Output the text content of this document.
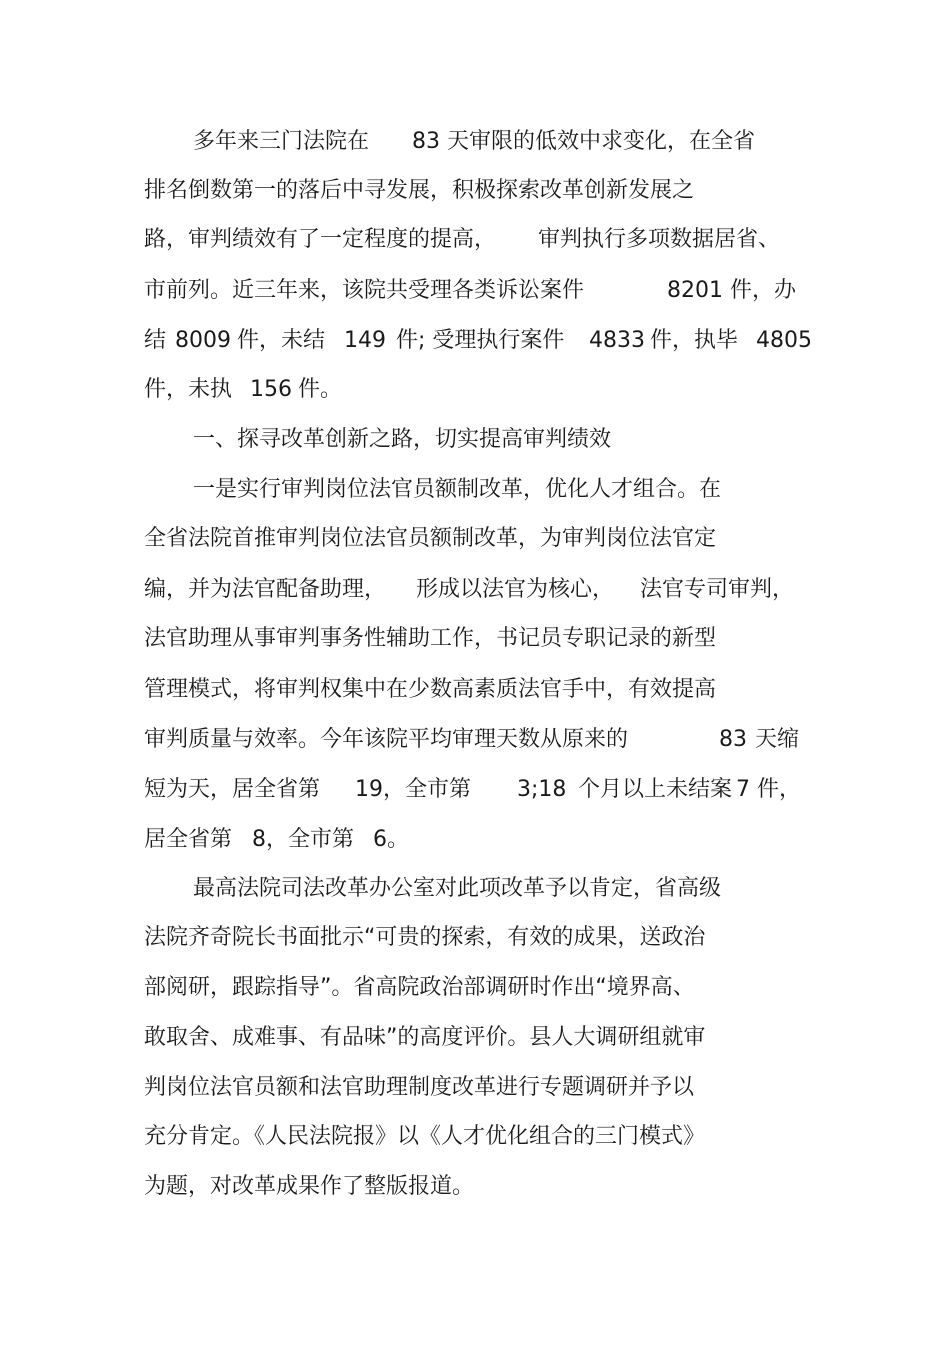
多年来三门法院在

83

天审限的低效中求变化，在全省

排名倒数第一的落后中寻发展，积极探索改革创新发展之

路，审判绩效有了一定程度的提高，

审判执行多项数据居省、

市前列。近三年来，该院共受理各类诉讼案件

	8201

件，办

结

8009

件，未结

149

件; 受理执行案件

4833

件，执毕

4805

件，未执

156

件。

一、探寻改革创新之路，切实提高审判绩效

一是实行审判岗位法官员额制改革，优化人才组合。在

全省法院首推审判岗位法官员额制改革，为审判岗位法官定

编，并为法官配备助理，

形成以法官为核心，

法官专司审判，

法官助理从事审判事务性辅助工作，书记员专职记录的新型

管理模式，将审判权集中在少数高素质法官手中，有效提高

审判质量与效率。今年该院平均审理天数从原来的

	83

天缩

短为天，居全省第

19，全市第

3;18

个月以上未结案

7

件，

居全省第

8，全市第

6。

最高法院司法改革办公室对此项改革予以肯定，省高级

法院齐奇院长书面批示“可贵的探索，有效的成果，送政治

部阅研，跟踪指导”。省高院政治部调研时作出“境界高、

敢取舍、成难事、有品味”的高度评价。县人大调研组就审

判岗位法官员额和法官助理制度改革进行专题调研并予以

充分肯定。《人民法院报》以《人才优化组合的三门模式》

为题，对改革成果作了整版报道。
